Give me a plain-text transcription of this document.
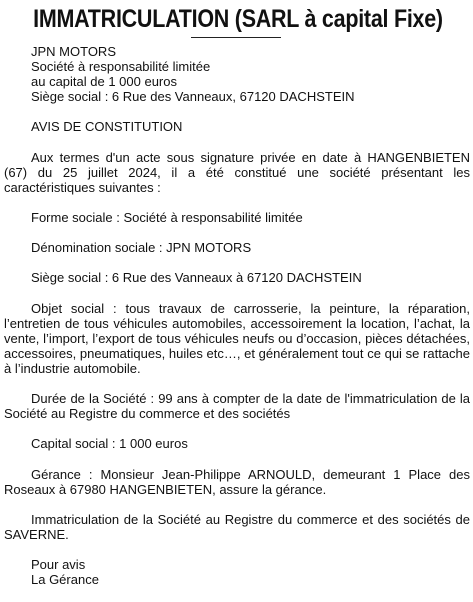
IMMATRICULATION (SARL à capital Fixe)

JPN MOTORS
Société à responsabilité limitée
au capital de 1 000 euros
Siège social : 6 Rue des Vanneaux, 67120 DACHSTEIN

AVIS DE CONSTITUTION

Aux termes d'un acte sous signature privée en date à HANGENBIETEN (67) du 25 juillet 2024, il a été constitué une société présentant les caractéristiques suivantes :

Forme sociale : Société à responsabilité limitée

Dénomination sociale : JPN MOTORS

Siège social : 6 Rue des Vanneaux à 67120 DACHSTEIN

Objet social : tous travaux de carrosserie, la peinture, la réparation, l’entretien de tous véhicules automobiles, accessoirement la location, l’achat, la vente, l’import, l’export de tous véhicules neufs ou d’occasion, pièces détachées, accessoires, pneumatiques, huiles etc…, et généralement tout ce qui se rattache à l’industrie automobile.

Durée de la Société : 99 ans à compter de la date de l'immatriculation de la Société au Registre du commerce et des sociétés

Capital social : 1 000 euros

Gérance : Monsieur Jean-Philippe ARNOULD, demeurant 1 Place des Roseaux à 67980 HANGENBIETEN, assure la gérance.

Immatriculation de la Société au Registre du commerce et des sociétés de SAVERNE.

Pour avis
La Gérance
